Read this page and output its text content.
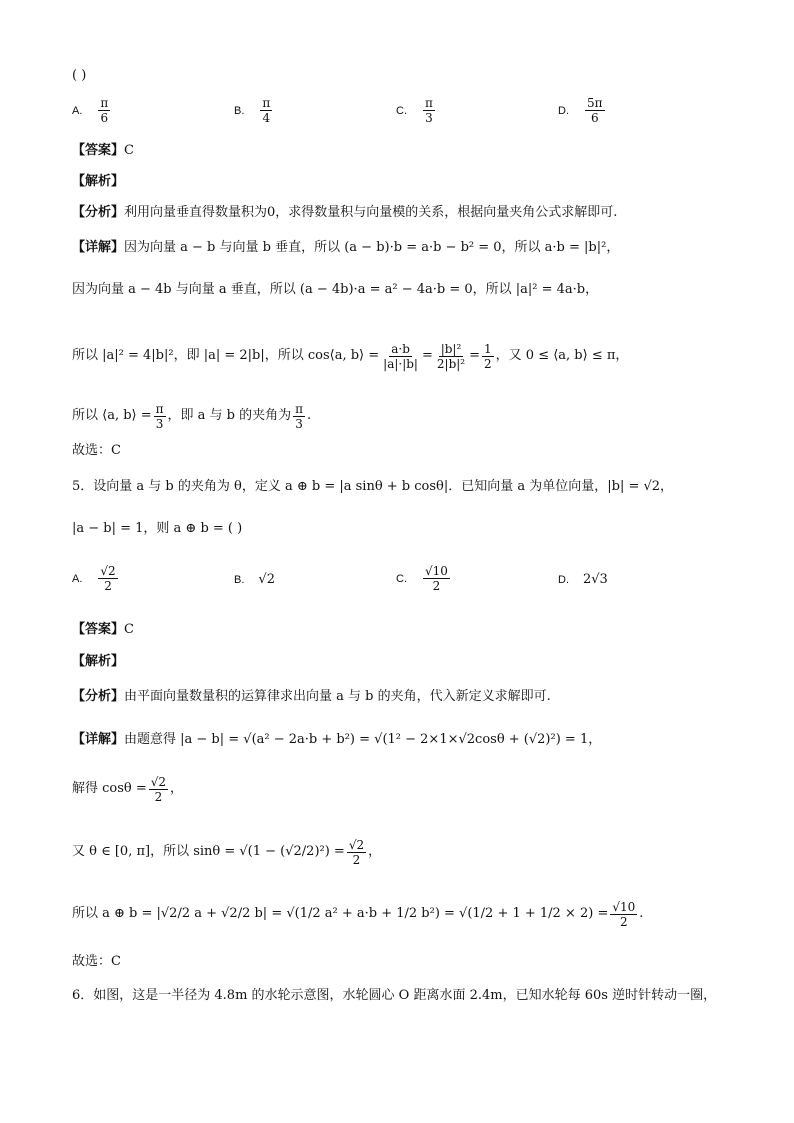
( )
A. $\frac{\pi}{6}$	B. $\frac{\pi}{4}$	C. $\frac{\pi}{3}$	D. $\frac{5\pi}{6}$
【答案】C
【解析】
【分析】利用向量垂直得数量积为0，求得数量积与向量模的关系，根据向量夹角公式求解即可.
【详解】因为向量 a − b 与向量 b 垂直，所以 (a − b)·b = a·b − b² = 0，所以 a·b = |b|²，
因为向量 a − 4b 与向量 a 垂直，所以 (a − 4b)·a = a² − 4a·b = 0，所以 |a|² = 4a·b，
所以 |a|² = 4|b|²，即 |a| = 2|b|，所以 cos⟨a, b⟩ = $\frac{a\cdot b}{|a|\cdot|b|} = \frac{\text{|b|²}}{\text{2|b|²}} = \frac{1}{2}$ ，又 0 ≤ ⟨a, b⟩ ≤ π，
所以 ⟨a, b⟩ = $\frac{\pi}{3}$ ，即 a 与 b 的夹角为 $\frac{\pi}{3}$ .
故选：C
5．设向量 a 与 b 的夹角为 θ，定义 a ⊕ b = |a sinθ + b cosθ|．已知向量 a 为单位向量，|b| = √2，
|a − b| = 1，则 a ⊕ b = ( )
A. $\frac{√2}{2}$	B. √2	C. $\frac{√10}{2}$	D. 2√3
【答案】C
【解析】
【分析】由平面向量数量积的运算律求出向量 a 与 b 的夹角，代入新定义求解即可.
【详解】由题意得 |a − b| = √(a² − 2a·b + b²) = √(1² − 2×1×√2cosθ + (√2)²) = 1，
解得 $\cos\theta = \frac{√2}{2}$ ，
又 θ ∈ [0, π]，所以 $\sin\theta = √(1 - (√2/2)^2) = \frac{√2}{2}$ ，
所以 a ⊕ b = |√2/2 a + √2/2 b| = √(1/2 a² + a·b + 1/2 $b^2) = √(1/2 + 1 + 1/2 \times 2) = \frac{√10}{2}$ .
故选：C
6．如图，这是一半径为 4.8m 的水轮示意图，水轮圆心 O 距离水面 2.4m，已知水轮每 60s 逆时针转动一圈，
